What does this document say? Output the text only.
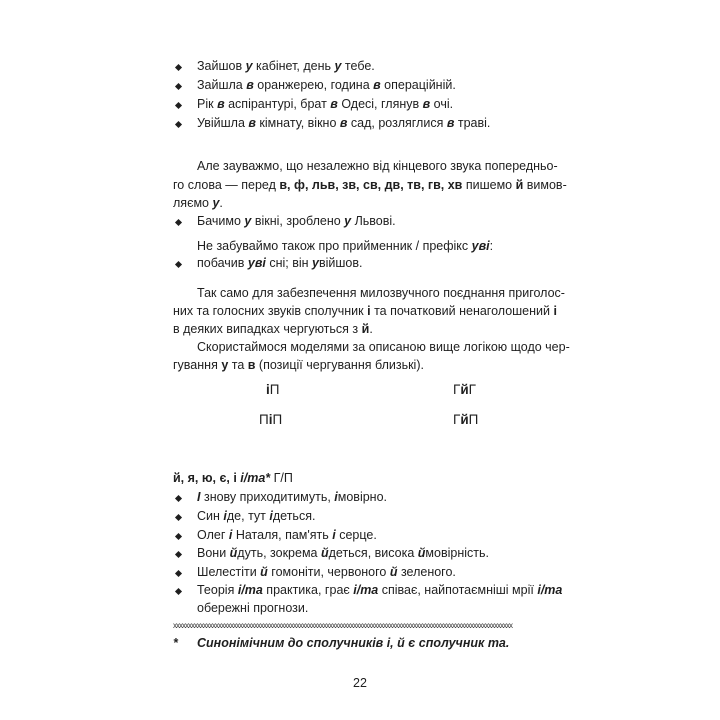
Зайшов у кабінет, день у тебе.
Зайшла в оранжерею, година в операційній.
Рік в аспірантурі, брат в Одесі, глянув в очі.
Увійшла в кімнату, вікно в сад, розляглися в траві.
Але зауважмо, що незалежно від кінцевого звука попередньо-
го слова — перед в, ф, льв, зв, св, дв, тв, гв, хв пишемо й вимов-
ляємо у.
Бачимо у вікні, зроблено у Львові.
Не забуваймо також про прийменник / префікс уві:
побачив уві сні; він увійшов.
Так само для забезпечення милозвучного поєднання приголос-
них та голосних звуків сполучник і та початковий ненаголошений і
в деяких випадках чергуються з й.
Скористаймося моделями за описаною вище логікою щодо чер-
гування у та в (позиції чергування близькі).
іП	ГйГ
ПіП	ГйП
й, я, ю, є, і і/та* Г/П
І знову приходитимуть, імовірно.
Син іде, тут ідеться.
Олег і Наталя, пам'ять і серце.
Вони йдуть, зокрема йдеться, висока ймовірність.
Шелестіти й гомоніти, червоного й зеленого.
Теорія і/та практика, грає і/та співає, найпотаємніші мрії і/та
обережні прогнози.
xxxxxxxxxxxxxxxxxxxxxxxxxxxxxxxxxxxxxxxxxxxxxxxxxxxxxxxxxxxxxxxxxxxxxxxxxxxxxxxxxxxxxxxxxxxxxxxxxxxxxxxxxxxxxxxxx
* Синонімічним до сполучників і, й є сполучник та.
22
